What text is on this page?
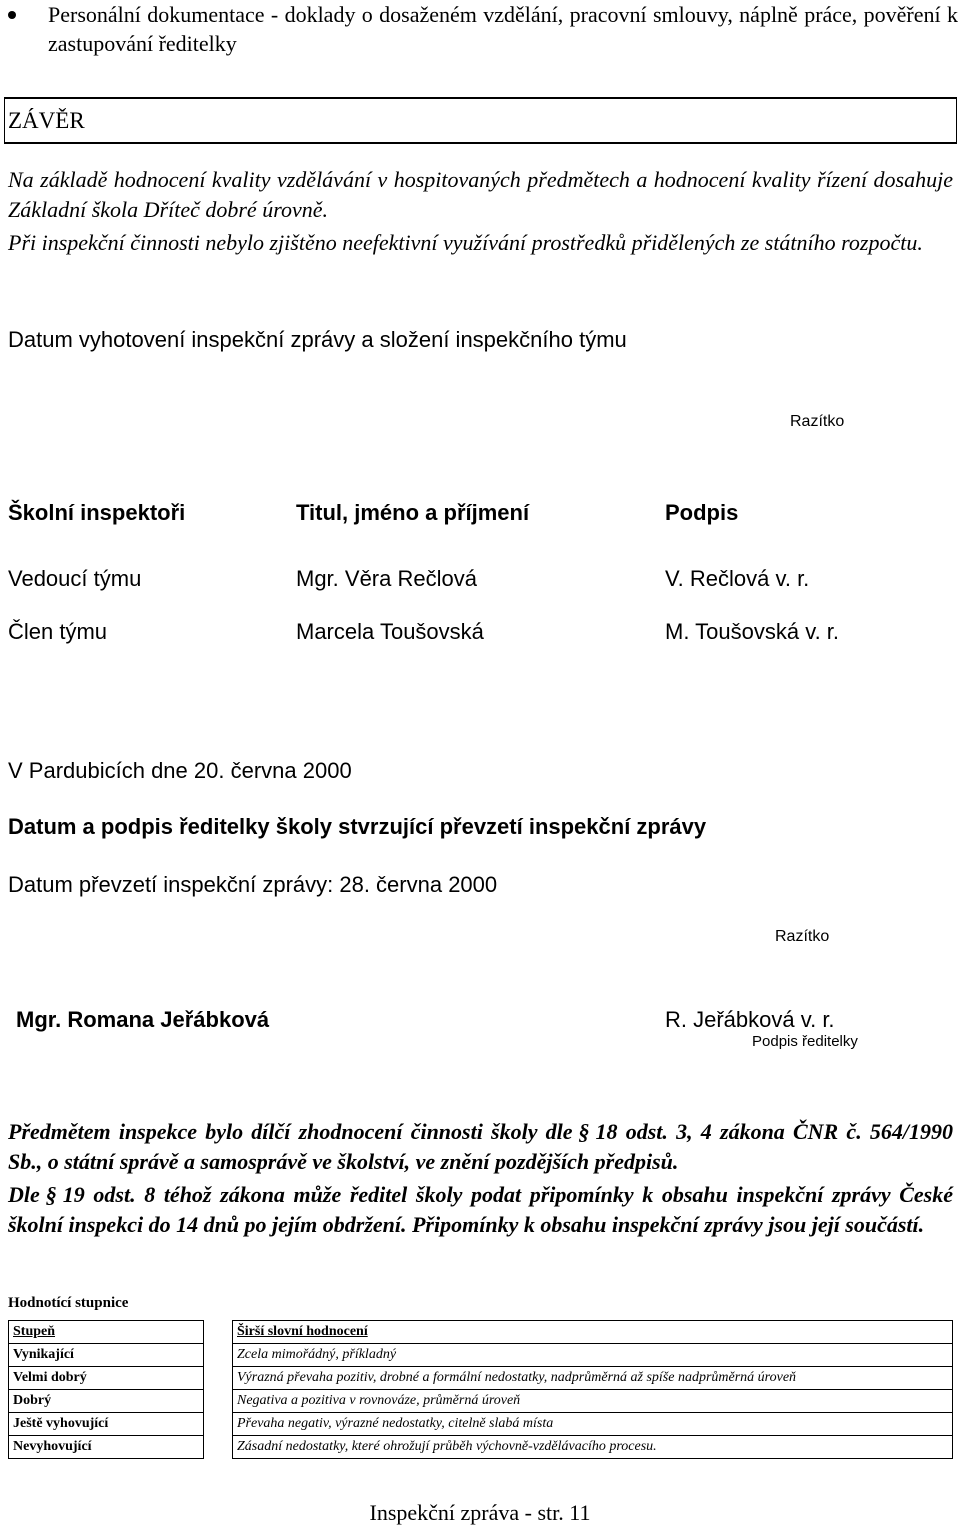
Personální dokumentace - doklady o dosaženém vzdělání, pracovní smlouvy, náplně práce, pověření k zastupování ředitelky
ZÁVĚR
Na základě hodnocení kvality vzdělávání v hospitovaných předmětech a hodnocení kvality řízení dosahuje Základní škola Dříteč dobré úrovně.
Při inspekční činnosti nebylo zjištěno neefektivní využívání prostředků přidělených ze státního rozpočtu.
Datum vyhotovení inspekční zprávy a složení inspekčního týmu
Razítko
Školní inspektoři	Titul, jméno a příjmení	Podpis
Vedoucí týmu	Mgr. Věra Rečlová	V. Rečlová v. r.
Člen týmu	Marcela Toušovská	M. Toušovská v. r.
V Pardubicích dne 20. června 2000
Datum a podpis ředitelky školy stvrzující převzetí inspekční zprávy
Datum převzetí inspekční zprávy: 28. června 2000
Razítko
Mgr. Romana Jeřábková	R. Jeřábková v. r.
Podpis ředitelky
Předmětem inspekce bylo dílčí zhodnocení činnosti školy dle § 18 odst. 3, 4 zákona ČNR č. 564/1990 Sb., o státní správě a samosprávě ve školství, ve znění pozdějších předpisů.
Dle § 19 odst. 8 téhož zákona může ředitel školy podat připomínky k obsahu inspekční zprávy České školní inspekci do 14 dnů po jejím obdržení. Připomínky k obsahu inspekční zprávy jsou její součástí.
Hodnotící stupnice
Stupeň		Širší slovní hodnocení
Vynikající		Zcela mimořádný, příkladný
Velmi dobrý		Výrazná převaha pozitiv, drobné a formální nedostatky, nadprůměrná až spíše nadprůměrná úroveň
Dobrý		Negativa a pozitiva v rovnováze, průměrná úroveň
Ještě vyhovující		Převaha negativ, výrazné nedostatky, citelně slabá místa
Nevyhovující		Zásadní nedostatky, které ohrožují průběh výchovně-vzdělávacího procesu.
Inspekční zpráva - str. 11
